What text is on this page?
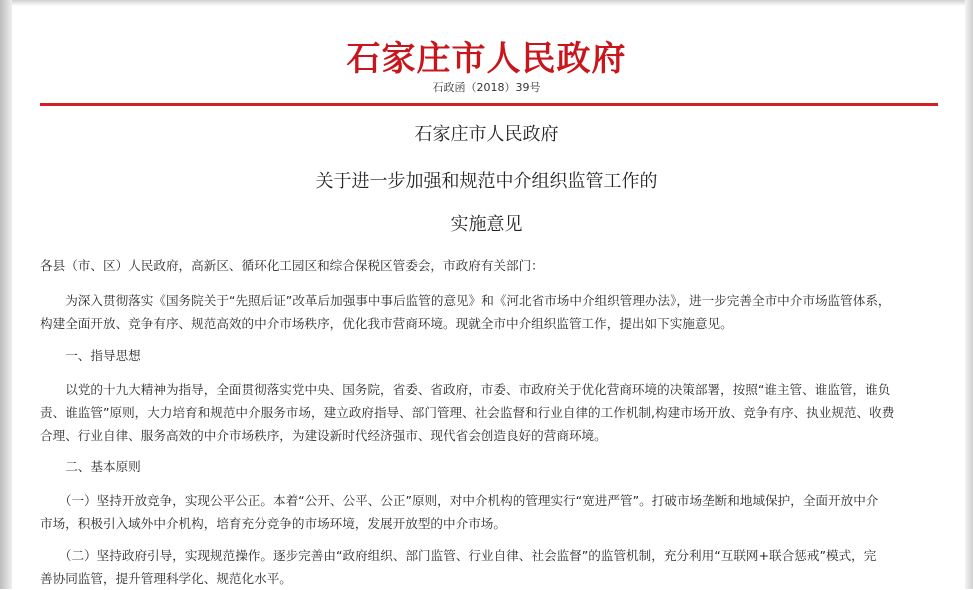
石家庄市人民政府
石政函（2018）39号
石家庄市人民政府
关于进一步加强和规范中介组织监管工作的
实施意见
各县（市、区）人民政府，高新区、循环化工园区和综合保税区管委会，市政府有关部门：
　　为深入贯彻落实《国务院关于“先照后证”改革后加强事中事后监管的意见》和《河北省市场中介组织管理办法》，进一步完善全市中介市场监管体系，
构建全面开放、竞争有序、规范高效的中介市场秩序，优化我市营商环境。现就全市中介组织监管工作，提出如下实施意见。
　　一、指导思想
　　以党的十九大精神为指导，全面贯彻落实党中央、国务院，省委、省政府，市委、市政府关于优化营商环境的决策部署，按照“谁主管、谁监管，谁负
责、谁监管”原则，大力培育和规范中介服务市场，建立政府指导、部门管理、社会监督和行业自律的工作机制,构建市场开放、竞争有序、执业规范、收费
合理、行业自律、服务高效的中介市场秩序，为建设新时代经济强市、现代省会创造良好的营商环境。
　　二、基本原则
　　（一）坚持开放竞争，实现公平公正。本着“公开、公平、公正”原则，对中介机构的管理实行“宽进严管”。打破市场垄断和地域保护，全面开放中介
市场，积极引入域外中介机构，培育充分竞争的市场环境，发展开放型的中介市场。
　　（二）坚持政府引导，实现规范操作。逐步完善由“政府组织、部门监管、行业自律、社会监督”的监管机制，充分利用“互联网+联合惩戒”模式，完
善协同监管，提升管理科学化、规范化水平。
